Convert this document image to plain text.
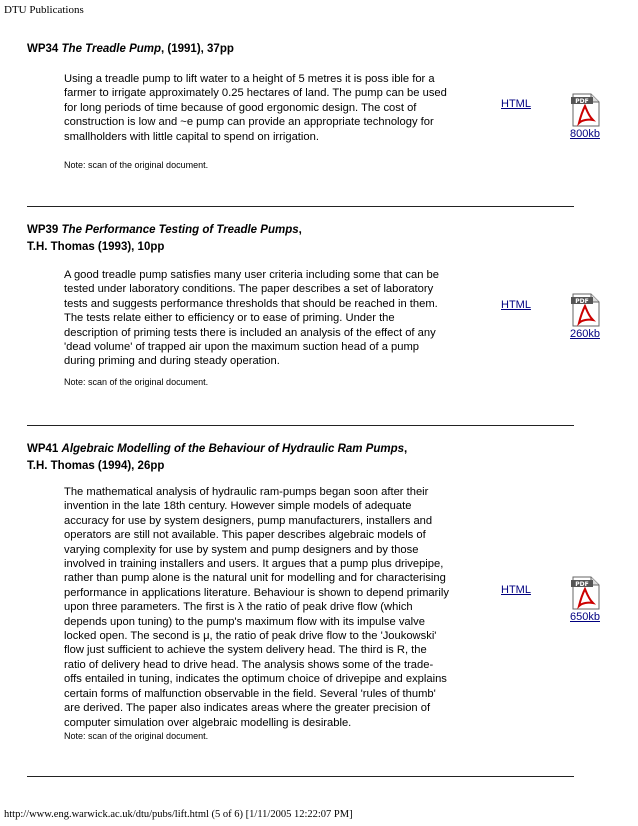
DTU Publications
WP34 The Treadle Pump, (1991), 37pp
Using a treadle pump to lift water to a height of 5 metres it is poss ible for a farmer to irrigate approximately 0.25 hectares of land. The pump can be used for long periods of time because of good ergonomic design. The cost of construction is low and ~e pump can provide an appropriate technology for smallholders with little capital to spend on irrigation.
Note: scan of the original document.
HTML	PDF
800kb
WP39 The Performance Testing of Treadle Pumps,
T.H. Thomas (1993), 10pp
A good treadle pump satisfies many user criteria including some that can be tested under laboratory conditions. The paper describes a set of laboratory tests and suggests performance thresholds that should be reached in them. The tests relate either to efficiency or to ease of priming. Under the description of priming tests there is included an analysis of the effect of any 'dead volume' of trapped air upon the maximum suction head of a pump during priming and during steady operation.
Note: scan of the original document.
HTML	PDF
260kb
WP41 Algebraic Modelling of the Behaviour of Hydraulic Ram Pumps,
T.H. Thomas (1994), 26pp
The mathematical analysis of hydraulic ram-pumps began soon after their invention in the late 18th century. However simple models of adequate accuracy for use by system designers, pump manufacturers, installers and operators are still not available. This paper describes algebraic models of varying complexity for use by system and pump designers and by those involved in training installers and users. It argues that a pump plus drivepipe, rather than pump alone is the natural unit for modelling and for characterising performance in applications literature. Behaviour is shown to depend primarily upon three parameters. The first is λ the ratio of peak drive flow (which depends upon tuning) to the pump's maximum flow with its impulse valve locked open. The second is μ, the ratio of peak drive flow to the 'Joukowski' flow just sufficient to achieve the system delivery head. The third is R, the ratio of delivery head to drive head. The analysis shows some of the trade-offs entailed in tuning, indicates the optimum choice of drivepipe and explains certain forms of malfunction observable in the field. Several 'rules of thumb' are derived. The paper also indicates areas where the greater precision of computer simulation over algebraic modelling is desirable.
Note: scan of the original document.
HTML	PDF
650kb
http://www.eng.warwick.ac.uk/dtu/pubs/lift.html (5 of 6) [1/11/2005 12:22:07 PM]
